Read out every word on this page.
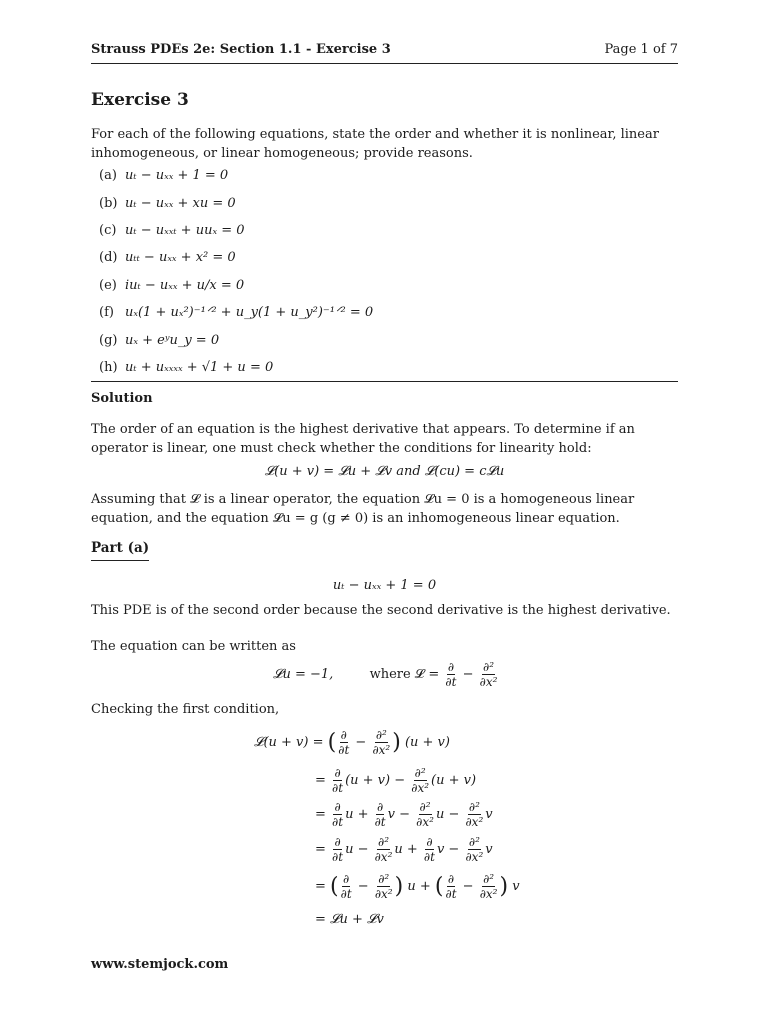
Strauss PDEs 2e: Section 1.1 - Exercise 3	Page 1 of 7
Exercise 3
For each of the following equations, state the order and whether it is nonlinear, linear inhomogeneous, or linear homogeneous; provide reasons.
(a) uₜ − uₓₓ + 1 = 0
(b) uₜ − uₓₓ + xu = 0
(c) uₜ − uₓₓₜ + uuₓ = 0
(d) uₜₜ − uₓₓ + x² = 0
(e) iuₜ − uₓₓ + u/x = 0
(f) uₓ(1 + uₓ²)⁻¹ᐟ² + u_y(1 + u_y²)⁻¹ᐟ² = 0
(g) uₓ + eʸu_y = 0
(h) uₜ + uₓₓₓₓ + √1 + u = 0
Solution
The order of an equation is the highest derivative that appears. To determine if an operator is linear, one must check whether the conditions for linearity hold:
𝓛(u + v) = 𝓛u + 𝓛v and 𝓛(cu) = c𝓛u
Assuming that 𝓛 is a linear operator, the equation 𝓛u = 0 is a homogeneous linear equation, and the equation 𝓛u = g (g ≠ 0) is an inhomogeneous linear equation.
Part (a)
uₜ − uₓₓ + 1 = 0
This PDE is of the second order because the second derivative is the highest derivative.
The equation can be written as
𝓛u = −1,	where 𝓛 = $\frac{\partial}{\partial t} - \frac{\text{∂²}}{\text{∂x²}}$
Checking the first condition,
𝓛(u + v) = ( $\frac{\partial}{\partial t} - \frac{\text{∂²}}{\text{∂x²}}$ ) (u + v)
= $\frac{\partial}{\partial t} (u + v) - \frac{\text{∂²}}{\text{∂x²}} (u + v)$
= $\frac{\partial}{\partial t}$ $u + \frac{\partial}{\partial t}$ $v - \frac{\text{∂²}}{\text{∂x²}}$ $u - \frac{\text{∂²}}{\text{∂x²}}$ v
= $\frac{\partial}{\partial t}$ $u - \frac{\text{∂²}}{\text{∂x²}}$ $u + \frac{\partial}{\partial t}$ $v - \frac{\text{∂²}}{\text{∂x²}}$ v
= ( $\frac{\partial}{\partial t} - \frac{\text{∂²}}{\text{∂x²}}$ ) u + ( $\frac{\partial}{\partial t} - \frac{\text{∂²}}{\text{∂x²}}$ ) v
= 𝓛u + 𝓛v
www.stemjock.com
